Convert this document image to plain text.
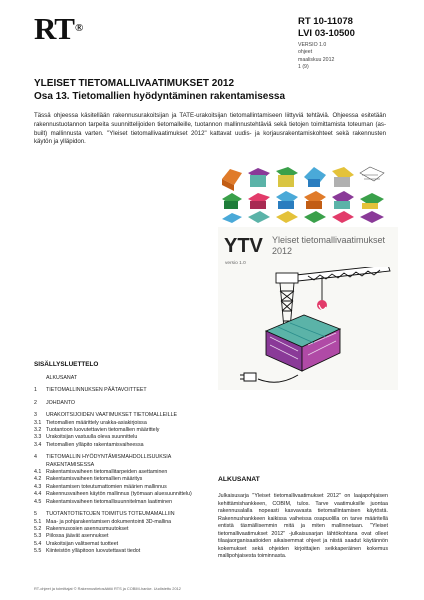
RT®
RT 10-11078
LVI 03-10500
VERSIO 1.0
ohjeet
maaliskuu 2012
1 (9)
YLEISET TIETOMALLIVAATIMUKSET 2012
Osa 13. Tietomallien hyödyntäminen rakentamisessa
Tässä ohjeessa käsitellään rakennusurakoitsijan ja TATE-urakoitsijan tietomallintamiseen liittyviä tehtäviä. Ohjeessa esitetään rakennustuotannon tarpeita suunnittelijoiden tietomalleille, tuotannon mallinnustehtäviä sekä tietojen toimittamista toteuman (as-built) mallinnusta varten. "Yleiset tietomallivaatimukset 2012" kattavat uudis- ja korjausrakentamiskohteet sekä rakennusten käytön ja ylläpidon.
YTV Yleiset tietomallivaatimukset
2012
versio 1.0
SISÄLLYSLUETTELO
ALKUSANAT
1	TIETOMALLINNUKSEN PÄÄTAVOITTEET
2	JOHDANTO
3	URAKOITSIJOIDEN VAATIMUKSET TIETOMALLEILLE
3.1 Tietomallien määrittely urakka-asiakirjoissa
3.2 Tuotantoon luovutettavien tietomallien määrittely
3.3 Urakoitsijan vastuulla oleva suunnittelu
3.4 Tietomallien ylläpito rakentamisvaiheessa
4	TIETOMALLIN HYÖDYNTÄMISMAHDOLLISUUKSIA RAKENTAMISESSA
4.1 Rakentamisvaiheen tietomallitarpeiden asettaminen
4.2 Rakentamisvaiheen tietomallien määritys
4.3 Rakentamisen toteutumattomien määrien mallinnus
4.4 Rakennusvaiheen käytön mallinnus (työmaan aluesuunnittelu)
4.5 Rakentamisvaiheen tietomallisuunnitelman laatiminen
5	TUOTANTOTIETOJEN TOIMITUS TOTEUMAMALLIIN
5.1 Maa- ja pohjarakentamisen dokumentointi 3D-mallina
5.2 Rakennusosien asennusmuutokset
5.3 Piilossa jäävät asennukset
5.4 Urakoitsijan valitsemat tuotteet
5.5 Kiinteistön ylläpitoon luovutettavat tiedot
ALKUSANAT
Julkaisusarja "Yleiset tietomallivaatimukset 2012" on laajapohjaisen kehittämishankkeen, COBIM, tulos. Tarve vaatimuksille juontaa rakennusalalla nopeasti kasvavasta tietomallintamisen käytöstä. Rakennushankkeen kaikissa vaiheissa osapuolilla on tarve määritellä entistä täsmällisemmin mitä ja miten mallinnetaan. "Yleiset tietomallivaatimukset 2012" -julkaisusarjan lähtökohtana ovat olleet tilaajaorganisaatioiden aikaisemmat ohjeet ja niistä saadut käytännön kokemukset sekä ohjeiden kirjoittajien seikkaperäinen kokemus mallipohjaisesta toiminnasta.
RT-ohjeet ja toimittajat © Rakennustietosäätiö RTS ja COBIM-hanke. Uudistettu 2012
